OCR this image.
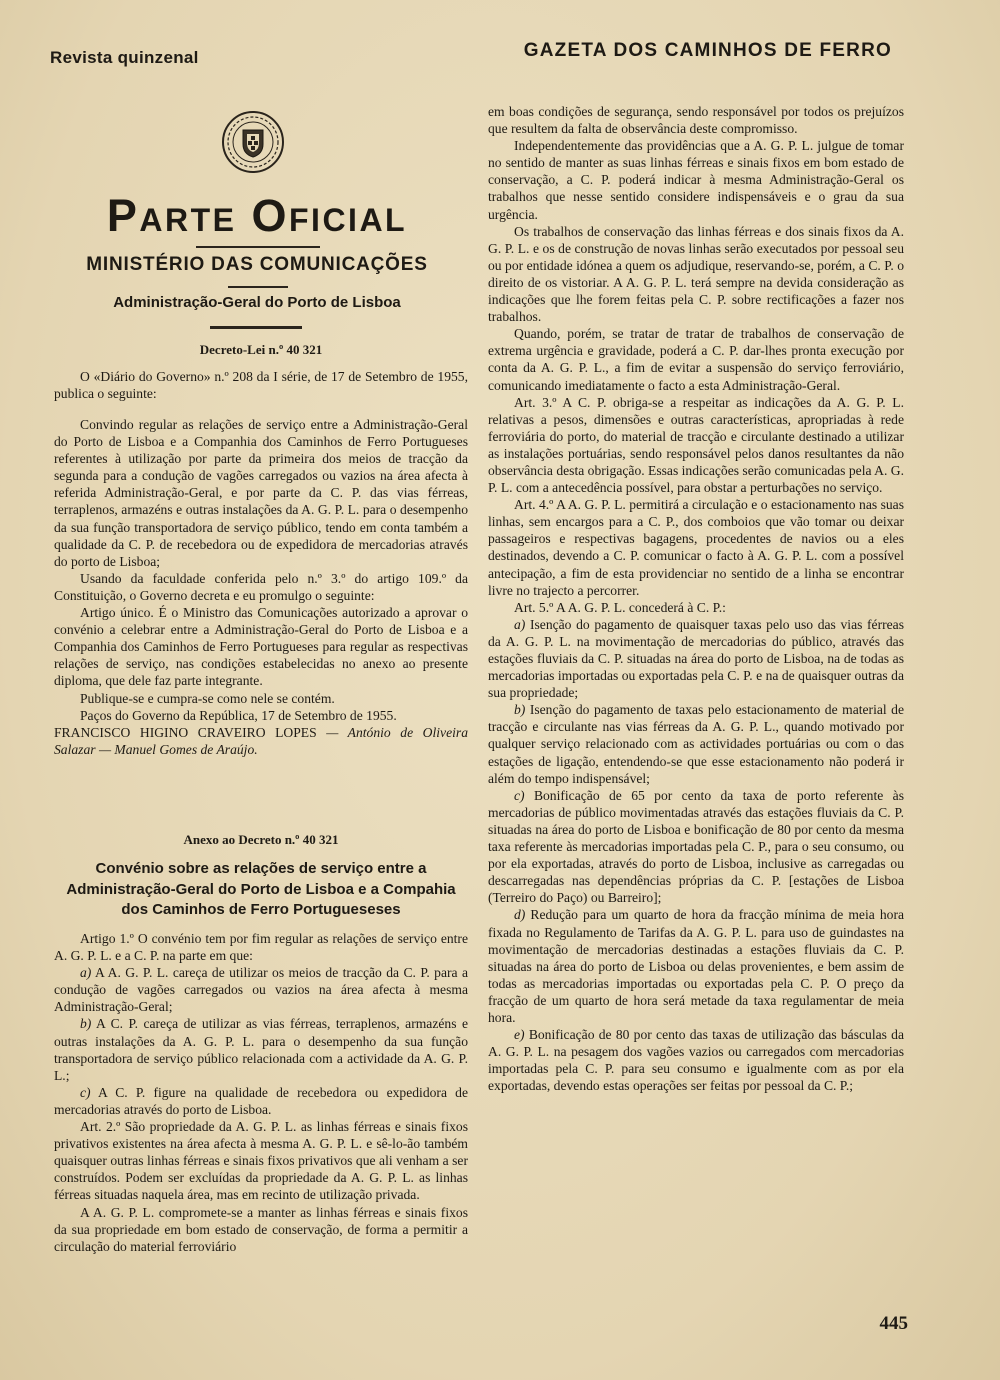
Revista quinzenal	GAZETA DOS CAMINHOS DE FERRO
Parte Oficial
MINISTÉRIO DAS COMUNICAÇÕES
Administração-Geral do Porto de Lisboa
Decreto-Lei n.º 40 321

O «Diário do Governo» n.º 208 da I série, de 17 de Setembro de 1955, publica o seguinte:

Convindo regular as relações de serviço entre a Administração-Geral do Porto de Lisboa e a Companhia dos Caminhos de Ferro Portugueses referentes à utilização por parte da primeira dos meios de tracção da segunda para a condução de vagões carregados ou vazios na área afecta à referida Administração-Geral, e por parte da C. P. das vias férreas, terraplenos, armazéns e outras instalações da A. G. P. L. para o desempenho da sua função transportadora de serviço público, tendo em conta também a qualidade da C. P. de recebedora ou de expedidora de mercadorias através do porto de Lisboa;

Usando da faculdade conferida pelo n.º 3.º do artigo 109.º da Constituição, o Governo decreta e eu promulgo o seguinte:

Artigo único. É o Ministro das Comunicações autorizado a aprovar o convénio a celebrar entre a Administração-Geral do Porto de Lisboa e a Companhia dos Caminhos de Ferro Portugueses para regular as respectivas relações de serviço, nas condições estabelecidas no anexo ao presente diploma, que dele faz parte integrante.

Publique-se e cumpra-se como nele se contém.

Paços do Governo da República, 17 de Setembro de 1955.

FRANCISCO HIGINO CRAVEIRO LOPES — António de Oliveira Salazar — Manuel Gomes de Araújo.

Anexo ao Decreto n.º 40 321
Convénio sobre as relações de serviço entre a Administração-Geral do Porto de Lisboa e a Compahia dos Caminhos de Ferro Portugueseses

Artigo 1.º O convénio tem por fim regular as relações de serviço entre A. G. P. L. e a C. P. na parte em que:

a) A A. G. P. L. careça de utilizar os meios de tracção da C. P. para a condução de vagões carregados ou vazios na área afecta à mesma Administração-Geral;

b) A C. P. careça de utilizar as vias férreas, terraplenos, armazéns e outras instalações da A. G. P. L. para o desempenho da sua função transportadora de serviço público relacionada com a actividade da A. G. P. L.;

c) A C. P. figure na qualidade de recebedora ou expedidora de mercadorias através do porto de Lisboa.

Art. 2.º São propriedade da A. G. P. L. as linhas férreas e sinais fixos privativos existentes na área afecta à mesma A. G. P. L. e sê-lo-ão também quaisquer outras linhas férreas e sinais fixos privativos que ali venham a ser construídos. Podem ser excluídas da propriedade da A. G. P. L. as linhas férreas situadas naquela área, mas em recinto de utilização privada.

A A. G. P. L. compromete-se a manter as linhas férreas e sinais fixos da sua propriedade em bom estado de conservação, de forma a permitir a circulação do material ferroviário

em boas condições de segurança, sendo responsável por todos os prejuízos que resultem da falta de observância deste compromisso.

Independentemente das providências que a A. G. P. L. julgue de tomar no sentido de manter as suas linhas férreas e sinais fixos em bom estado de conservação, a C. P. poderá indicar à mesma Administração-Geral os trabalhos que nesse sentido considere indispensáveis e o grau da sua urgência.

Os trabalhos de conservação das linhas férreas e dos sinais fixos da A. G. P. L. e os de construção de novas linhas serão executados por pessoal seu ou por entidade idónea a quem os adjudique, reservando-se, porém, a C. P. o direito de os vistoriar. A A. G. P. L. terá sempre na devida consideração as indicações que lhe forem feitas pela C. P. sobre rectificações a fazer nos trabalhos.

Quando, porém, se tratar de tratar de trabalhos de conservação de extrema urgência e gravidade, poderá a C. P. dar-lhes pronta execução por conta da A. G. P. L., a fim de evitar a suspensão do serviço ferroviário, comunicando imediatamente o facto a esta Administração-Geral.

Art. 3.º A C. P. obriga-se a respeitar as indicações da A. G. P. L. relativas a pesos, dimensões e outras características, apropriadas à rede ferroviária do porto, do material de tracção e circulante destinado a utilizar as instalações portuárias, sendo responsável pelos danos resultantes da não observância desta obrigação. Essas indicações serão comunicadas pela A. G. P. L. com a antecedência possível, para obstar a perturbações no serviço.

Art. 4.º A A. G. P. L. permitirá a circulação e o estacionamento nas suas linhas, sem encargos para a C. P., dos comboios que vão tomar ou deixar passageiros e respectivas bagagens, procedentes de navios ou a eles destinados, devendo a C. P. comunicar o facto à A. G. P. L. com a possível antecipação, a fim de esta providenciar no sentido de a linha se encontrar livre no trajecto a percorrer.

Art. 5.º A A. G. P. L. concederá à C. P.:

a) Isenção do pagamento de quaisquer taxas pelo uso das vias férreas da A. G. P. L. na movimentação de mercadorias do público, através das estações fluviais da C. P. situadas na área do porto de Lisboa, na de todas as mercadorias importadas ou exportadas pela C. P. e na de quaisquer outras da sua propriedade;

b) Isenção do pagamento de taxas pelo estacionamento de material de tracção e circulante nas vias férreas da A. G. P. L., quando motivado por qualquer serviço relacionado com as actividades portuárias ou com o das estações de ligação, entendendo-se que esse estacionamento não poderá ir além do tempo indispensável;

c) Bonificação de 65 por cento da taxa de porto referente às mercadorias de público movimentadas através das estações fluviais da C. P. situadas na área do porto de Lisboa e bonificação de 80 por cento da mesma taxa referente às mercadorias importadas pela C. P., para o seu consumo, ou por ela exportadas, através do porto de Lisboa, inclusive as carregadas ou descarregadas nas dependências próprias da C. P. [estações de Lisboa (Terreiro do Paço) ou Barreiro];

d) Redução para um quarto de hora da fracção mínima de meia hora fixada no Regulamento de Tarifas da A. G. P. L. para uso de guindastes na movimentação de mercadorias destinadas a estações fluviais da C. P. situadas na área do porto de Lisboa ou delas provenientes, e bem assim de todas as mercadorias importadas ou exportadas pela C. P. O preço da fracção de um quarto de hora será metade da taxa regulamentar de meia hora.

e) Bonificação de 80 por cento das taxas de utilização das básculas da A. G. P. L. na pesagem dos vagões vazios ou carregados com mercadorias importadas pela C. P. para seu consumo e igualmente com as por ela exportadas, devendo estas operações ser feitas por pessoal da C. P.;

445
